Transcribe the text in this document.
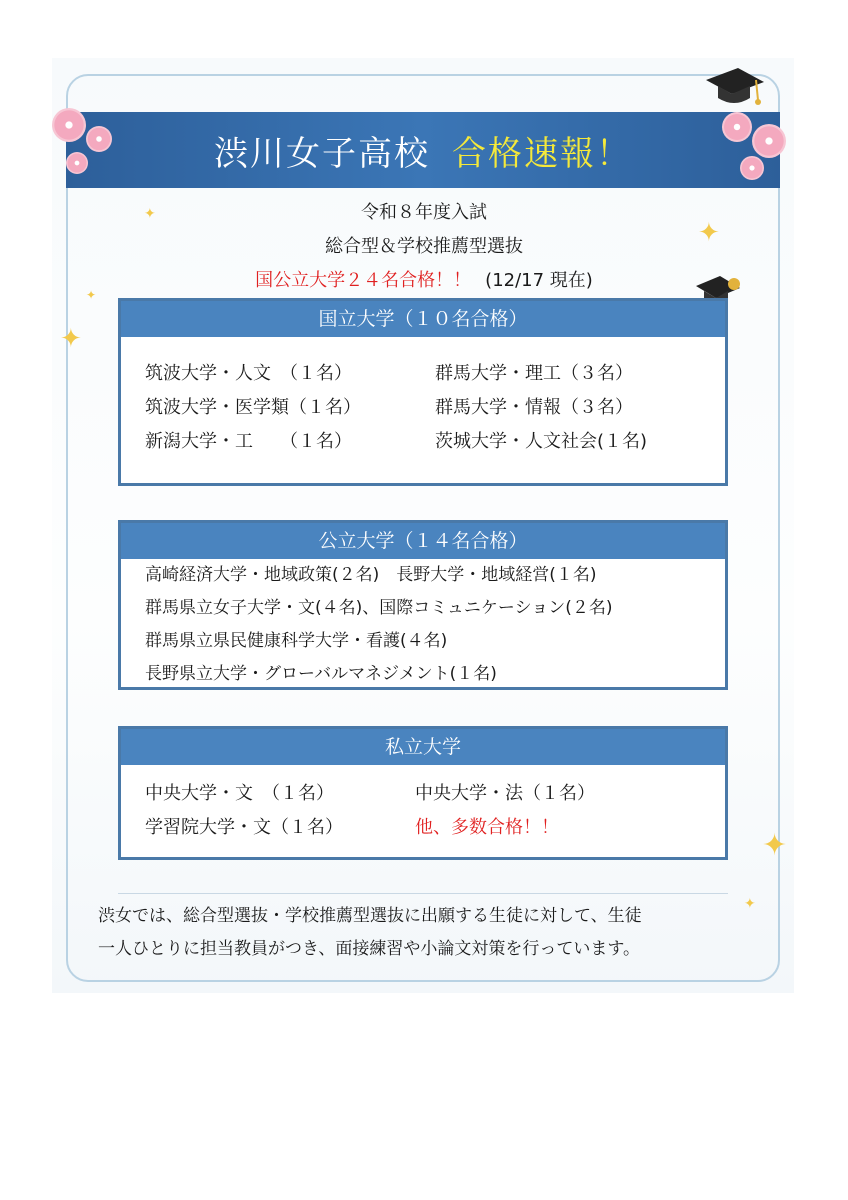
渋川女子高校 合格速報！
✦
✦
✦
✦
✦
✦
令和８年度入試
総合型＆学校推薦型選抜
国公立大学２４名合格！！ (12/17 現在)
国立大学（１０名合格）
筑波大学・人文　（１名）	群馬大学・理工（３名）
筑波大学・医学類（１名）	群馬大学・情報（３名）
新潟大学・工　　（１名）	茨城大学・人文社会(１名)
公立大学（１４名合格）
高崎経済大学・地域政策(２名)　長野大学・地域経営(１名)
群馬県立女子大学・文(４名)、国際コミュニケーション(２名)
群馬県立県民健康科学大学・看護(４名)
長野県立大学・グローバルマネジメント(１名)
私立大学
中央大学・文　（１名）	中央大学・法（１名）
学習院大学・文（１名）	他、多数合格！！
渋女では、総合型選抜・学校推薦型選抜に出願する生徒に対して、生徒
一人ひとりに担当教員がつき、面接練習や小論文対策を行っています。
